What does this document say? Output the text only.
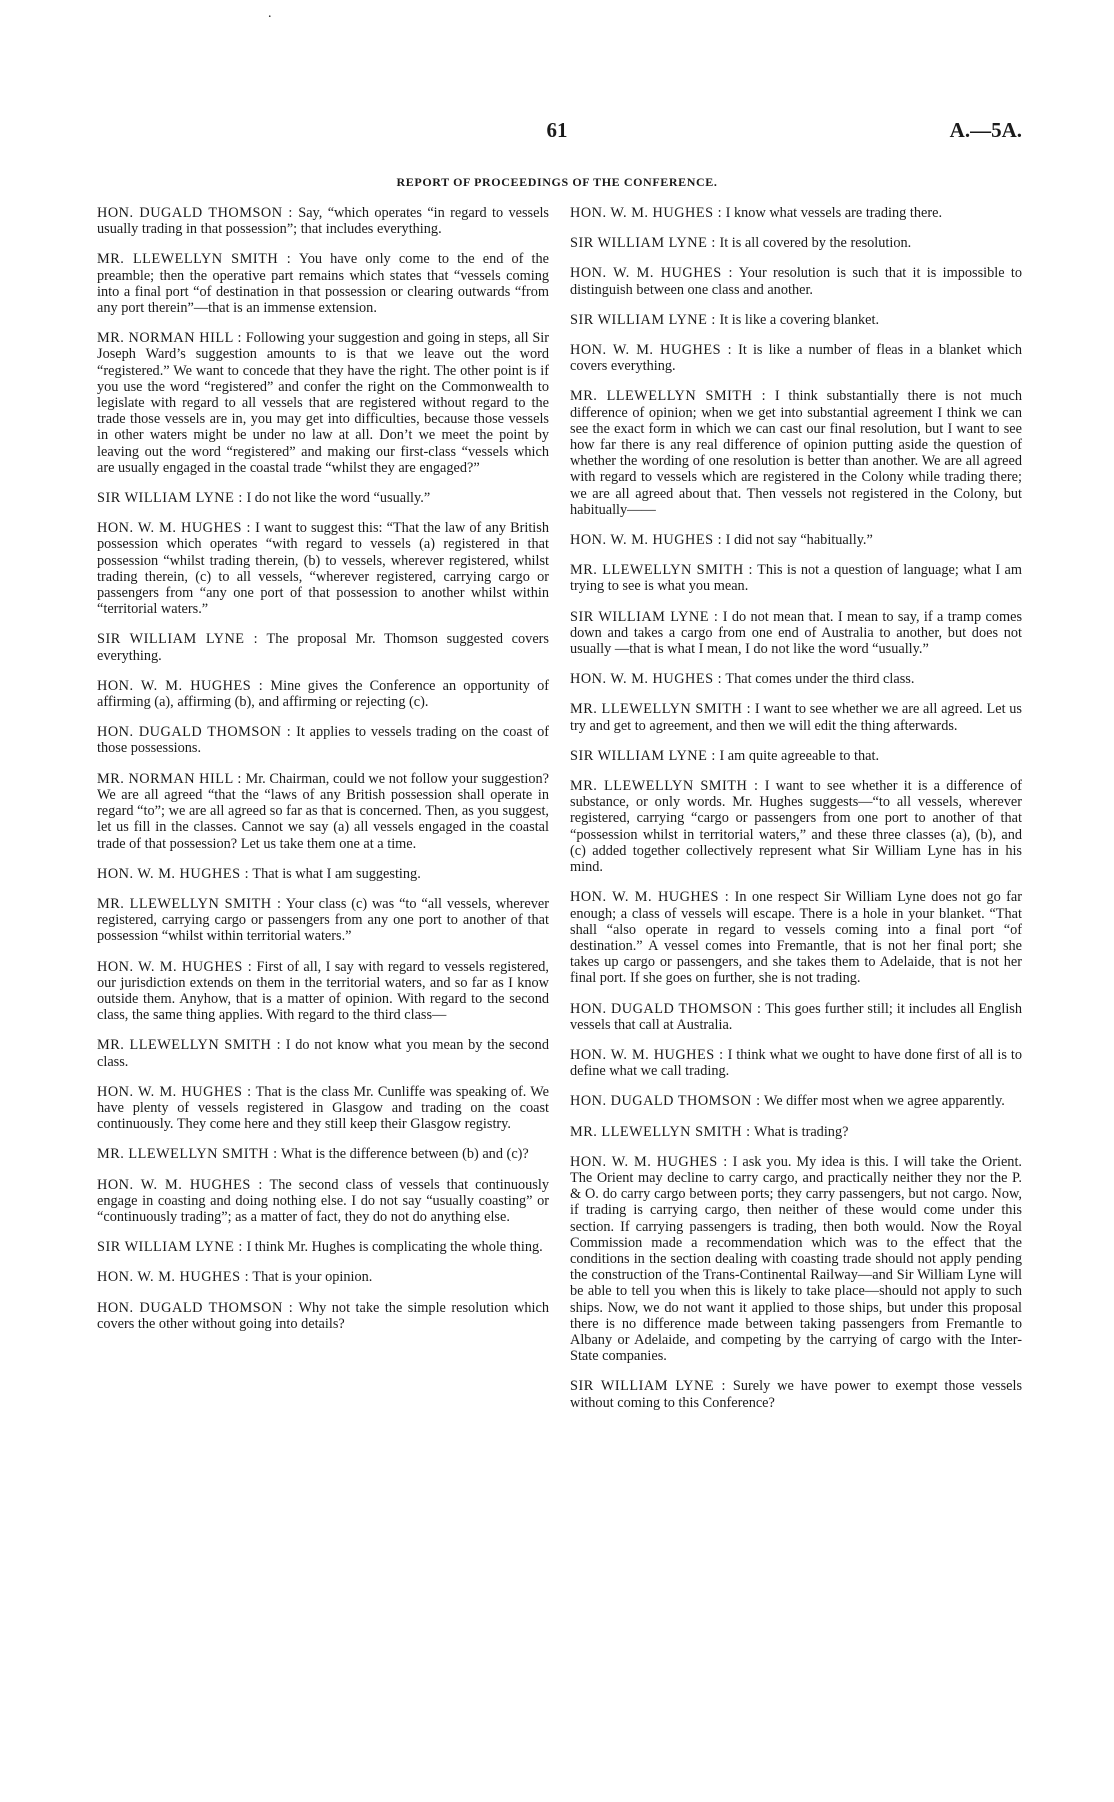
61	A.—5A.
REPORT OF PROCEEDINGS OF THE CONFERENCE.

HON. DUGALD THOMSON : Say, “which operates “in regard to vessels usually trading in that possession”; that includes everything.

MR. LLEWELLYN SMITH : You have only come to the end of the preamble; then the operative part remains which states that “vessels coming into a final port “of destination in that possession or clearing outwards “from any port therein”—that is an immense extension.

MR. NORMAN HILL : Following your suggestion and going in steps, all Sir Joseph Ward’s suggestion amounts to is that we leave out the word “registered.” We want to concede that they have the right. The other point is if you use the word “registered” and confer the right on the Commonwealth to legislate with regard to all vessels that are registered without regard to the trade those vessels are in, you may get into difficulties, because those vessels in other waters might be under no law at all. Don’t we meet the point by leaving out the word “registered” and making our first-class “vessels which are usually engaged in the coastal trade “whilst they are engaged?”

SIR WILLIAM LYNE : I do not like the word “usually.”

HON. W. M. HUGHES : I want to suggest this: “That the law of any British possession which operates “with regard to vessels (a) registered in that possession “whilst trading therein, (b) to vessels, wherever registered, whilst trading therein, (c) to all vessels, “wherever registered, carrying cargo or passengers from “any one port of that possession to another whilst within “territorial waters.”

SIR WILLIAM LYNE : The proposal Mr. Thomson suggested covers everything.

HON. W. M. HUGHES : Mine gives the Conference an opportunity of affirming (a), affirming (b), and affirming or rejecting (c).

HON. DUGALD THOMSON : It applies to vessels trading on the coast of those possessions.

MR. NORMAN HILL : Mr. Chairman, could we not follow your suggestion? We are all agreed “that the “laws of any British possession shall operate in regard “to”; we are all agreed so far as that is concerned. Then, as you suggest, let us fill in the classes. Cannot we say (a) all vessels engaged in the coastal trade of that possession? Let us take them one at a time.

HON. W. M. HUGHES : That is what I am suggesting.

MR. LLEWELLYN SMITH : Your class (c) was “to “all vessels, wherever registered, carrying cargo or passengers from any one port to another of that possession “whilst within territorial waters.”

HON. W. M. HUGHES : First of all, I say with regard to vessels registered, our jurisdiction extends on them in the territorial waters, and so far as I know outside them. Anyhow, that is a matter of opinion. With regard to the second class, the same thing applies. With regard to the third class—

MR. LLEWELLYN SMITH : I do not know what you mean by the second class.

HON. W. M. HUGHES : That is the class Mr. Cunliffe was speaking of. We have plenty of vessels registered in Glasgow and trading on the coast continuously. They come here and they still keep their Glasgow registry.

MR. LLEWELLYN SMITH : What is the difference between (b) and (c)?

HON. W. M. HUGHES : The second class of vessels that continuously engage in coasting and doing nothing else. I do not say “usually coasting” or “continuously trading”; as a matter of fact, they do not do anything else.

SIR WILLIAM LYNE : I think Mr. Hughes is complicating the whole thing.

HON. W. M. HUGHES : That is your opinion.

HON. DUGALD THOMSON : Why not take the simple resolution which covers the other without going into details?

HON. W. M. HUGHES : I know what vessels are trading there.

SIR WILLIAM LYNE : It is all covered by the resolution.

HON. W. M. HUGHES : Your resolution is such that it is impossible to distinguish between one class and another.

SIR WILLIAM LYNE : It is like a covering blanket.

HON. W. M. HUGHES : It is like a number of fleas in a blanket which covers everything.

MR. LLEWELLYN SMITH : I think substantially there is not much difference of opinion; when we get into substantial agreement I think we can see the exact form in which we can cast our final resolution, but I want to see how far there is any real difference of opinion putting aside the question of whether the wording of one resolution is better than another. We are all agreed with regard to vessels which are registered in the Colony while trading there; we are all agreed about that. Then vessels not registered in the Colony, but habitually——

HON. W. M. HUGHES : I did not say “habitually.”

MR. LLEWELLYN SMITH : This is not a question of language; what I am trying to see is what you mean.

SIR WILLIAM LYNE : I do not mean that. I mean to say, if a tramp comes down and takes a cargo from one end of Australia to another, but does not usually —that is what I mean, I do not like the word “usually.”

HON. W. M. HUGHES : That comes under the third class.

MR. LLEWELLYN SMITH : I want to see whether we are all agreed. Let us try and get to agreement, and then we will edit the thing afterwards.

SIR WILLIAM LYNE : I am quite agreeable to that.

MR. LLEWELLYN SMITH : I want to see whether it is a difference of substance, or only words. Mr. Hughes suggests—“to all vessels, wherever registered, carrying “cargo or passengers from one port to another of that “possession whilst in territorial waters,” and these three classes (a), (b), and (c) added together collectively represent what Sir William Lyne has in his mind.

HON. W. M. HUGHES : In one respect Sir William Lyne does not go far enough; a class of vessels will escape. There is a hole in your blanket. “That shall “also operate in regard to vessels coming into a final port “of destination.” A vessel comes into Fremantle, that is not her final port; she takes up cargo or passengers, and she takes them to Adelaide, that is not her final port. If she goes on further, she is not trading.

HON. DUGALD THOMSON : This goes further still; it includes all English vessels that call at Australia.

HON. W. M. HUGHES : I think what we ought to have done first of all is to define what we call trading.

HON. DUGALD THOMSON : We differ most when we agree apparently.

MR. LLEWELLYN SMITH : What is trading?

HON. W. M. HUGHES : I ask you. My idea is this. I will take the Orient. The Orient may decline to carry cargo, and practically neither they nor the P. & O. do carry cargo between ports; they carry passengers, but not cargo. Now, if trading is carrying cargo, then neither of these would come under this section. If carrying passengers is trading, then both would. Now the Royal Commission made a recommendation which was to the effect that the conditions in the section dealing with coasting trade should not apply pending the construction of the Trans-Continental Railway—and Sir William Lyne will be able to tell you when this is likely to take place—should not apply to such ships. Now, we do not want it applied to those ships, but under this proposal there is no difference made between taking passengers from Fremantle to Albany or Adelaide, and competing by the carrying of cargo with the Inter-State companies.

SIR WILLIAM LYNE : Surely we have power to exempt those vessels without coming to this Conference?

.
